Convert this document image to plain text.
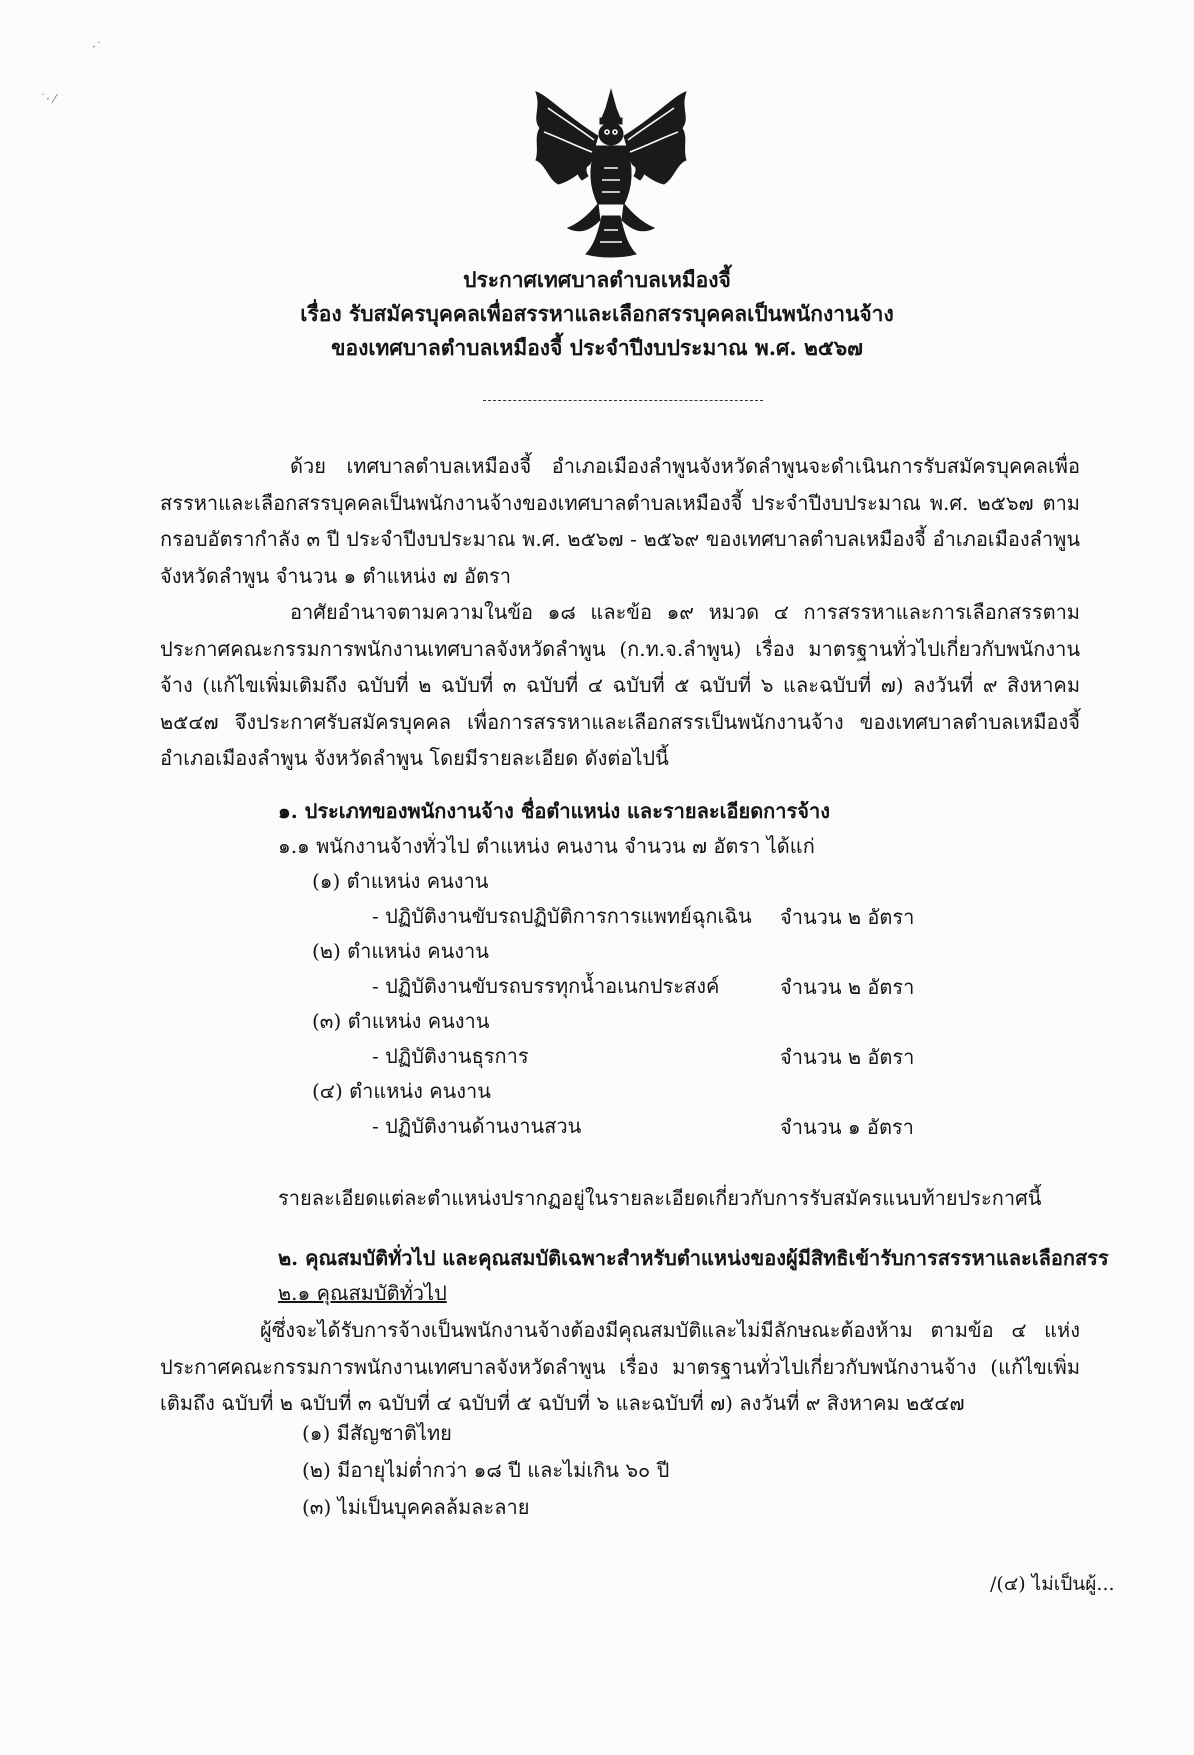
·˙
˙· ⁄
ประกาศเทศบาลตำบลเหมืองจี้
เรื่อง รับสมัครบุคคลเพื่อสรรหาและเลือกสรรบุคคลเป็นพนักงานจ้าง
ของเทศบาลตำบลเหมืองจี้ ประจำปีงบประมาณ พ.ศ. ๒๕๖๗

ด้วย เทศบาลตำบลเหมืองจี้ อำเภอเมืองลำพูนจังหวัดลำพูนจะดำเนินการรับสมัครบุคคลเพื่อสรรหาและเลือกสรรบุคคลเป็นพนักงานจ้างของเทศบาลตำบลเหมืองจี้ ประจำปีงบประมาณ พ.ศ. ๒๕๖๗ ตามกรอบอัตรากำลัง ๓ ปี ประจำปีงบประมาณ พ.ศ. ๒๕๖๗ - ๒๕๖๙ ของเทศบาลตำบลเหมืองจี้ อำเภอเมืองลำพูน จังหวัดลำพูน จำนวน ๑ ตำแหน่ง ๗ อัตรา

อาศัยอำนาจตามความในข้อ ๑๘ และข้อ ๑๙ หมวด ๔ การสรรหาและการเลือกสรรตามประกาศคณะกรรมการพนักงานเทศบาลจังหวัดลำพูน (ก.ท.จ.ลำพูน) เรื่อง มาตรฐานทั่วไปเกี่ยวกับพนักงานจ้าง (แก้ไขเพิ่มเติมถึง ฉบับที่ ๒ ฉบับที่ ๓ ฉบับที่ ๔ ฉบับที่ ๕ ฉบับที่ ๖ และฉบับที่ ๗) ลงวันที่ ๙ สิงหาคม ๒๕๔๗ จึงประกาศรับสมัครบุคคล เพื่อการสรรหาและเลือกสรรเป็นพนักงานจ้าง ของเทศบาลตำบลเหมืองจี้ อำเภอเมืองลำพูน จังหวัดลำพูน โดยมีรายละเอียด ดังต่อไปนี้

๑. ประเภทของพนักงานจ้าง ชื่อตำแหน่ง และรายละเอียดการจ้าง
๑.๑ พนักงานจ้างทั่วไป ตำแหน่ง คนงาน จำนวน ๗ อัตรา ได้แก่
(๑) ตำแหน่ง คนงาน
- ปฏิบัติงานขับรถปฏิบัติการการแพทย์ฉุกเฉิน จำนวน ๒ อัตรา
(๒) ตำแหน่ง คนงาน
- ปฏิบัติงานขับรถบรรทุกน้ำอเนกประสงค์	จำนวน ๒ อัตรา
(๓) ตำแหน่ง คนงาน
- ปฏิบัติงานธุรการ	จำนวน ๒ อัตรา
(๔) ตำแหน่ง คนงาน
- ปฏิบัติงานด้านงานสวน	จำนวน ๑ อัตรา
รายละเอียดแต่ละตำแหน่งปรากฏอยู่ในรายละเอียดเกี่ยวกับการรับสมัครแนบท้ายประกาศนี้
๒. คุณสมบัติทั่วไป และคุณสมบัติเฉพาะสำหรับตำแหน่งของผู้มีสิทธิเข้ารับการสรรหาและเลือกสรร
๒.๑ คุณสมบัติทั่วไป

ผู้ซึ่งจะได้รับการจ้างเป็นพนักงานจ้างต้องมีคุณสมบัติและไม่มีลักษณะต้องห้าม ตามข้อ ๔ แห่งประกาศคณะกรรมการพนักงานเทศบาลจังหวัดลำพูน เรื่อง มาตรฐานทั่วไปเกี่ยวกับพนักงานจ้าง (แก้ไขเพิ่มเติมถึง ฉบับที่ ๒ ฉบับที่ ๓ ฉบับที่ ๔ ฉบับที่ ๕ ฉบับที่ ๖ และฉบับที่ ๗) ลงวันที่ ๙ สิงหาคม ๒๕๔๗

(๑) มีสัญชาติไทย
(๒) มีอายุไม่ต่ำกว่า ๑๘ ปี และไม่เกิน ๖๐ ปี
(๓) ไม่เป็นบุคคลล้มละลาย
/(๔) ไม่เป็นผู้...
